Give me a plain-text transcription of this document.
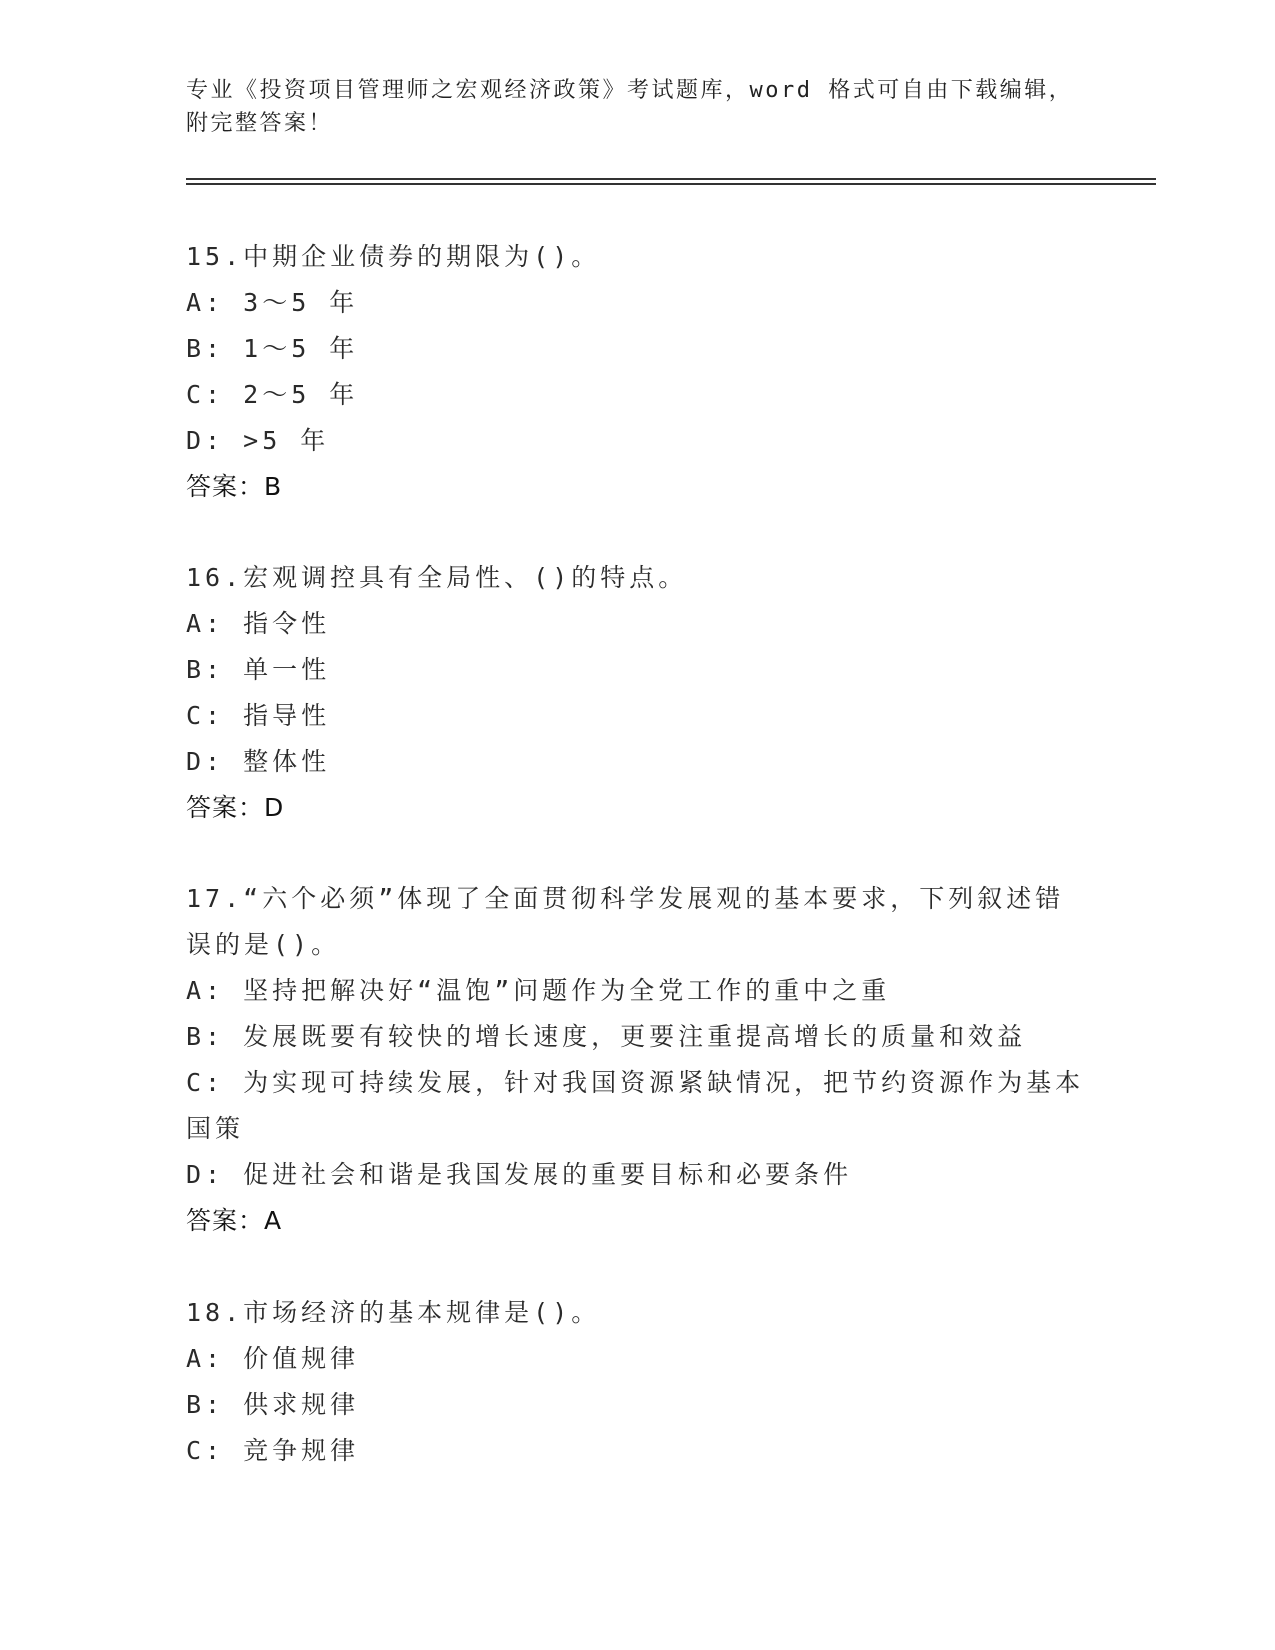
专业《投资项目管理师之宏观经济政策》考试题库，word 格式可自由下载编辑，
附完整答案！
15.中期企业债券的期限为()。
A: 3～5 年
B: 1～5 年
C: 2～5 年
D: >5 年
答案：B
16.宏观调控具有全局性、()的特点。
A: 指令性
B: 单一性
C: 指导性
D: 整体性
答案：D
17.“六个必须”体现了全面贯彻科学发展观的基本要求，下列叙述错误的是()。
A: 坚持把解决好“温饱”问题作为全党工作的重中之重
B: 发展既要有较快的增长速度，更要注重提高增长的质量和效益
C: 为实现可持续发展，针对我国资源紧缺情况，把节约资源作为基本国策
D: 促进社会和谐是我国发展的重要目标和必要条件
答案：A
18.市场经济的基本规律是()。
A: 价值规律
B: 供求规律
C: 竞争规律
